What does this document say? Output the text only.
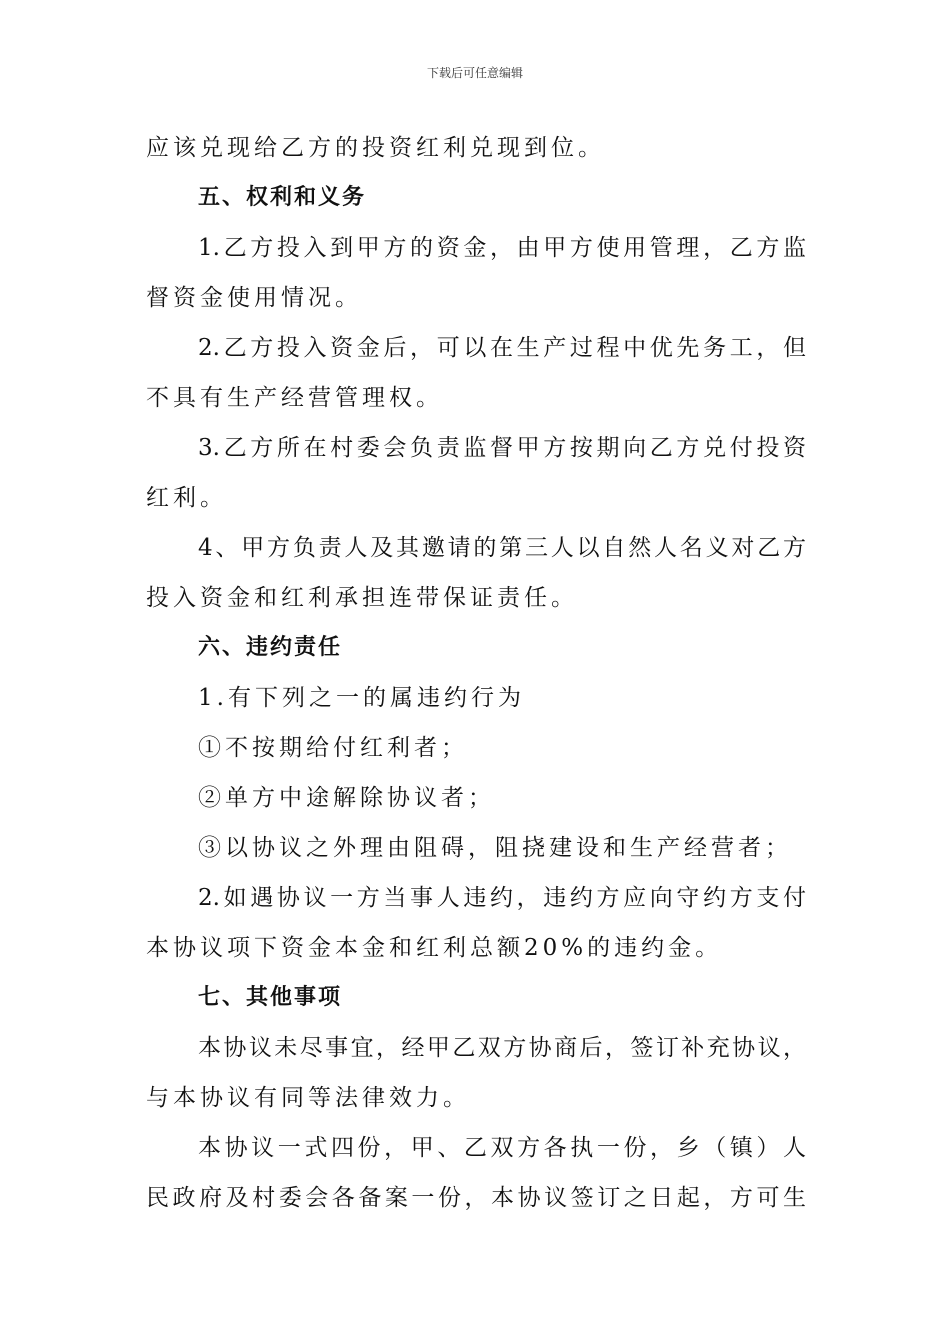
下载后可任意编辑
应该兑现给乙方的投资红利兑现到位。
五、权利和义务
1.乙方投入到甲方的资金，由甲方使用管理，乙方监
督资金使用情况。
2.乙方投入资金后，可以在生产过程中优先务工，但
不具有生产经营管理权。
3.乙方所在村委会负责监督甲方按期向乙方兑付投资
红利。
4、甲方负责人及其邀请的第三人以自然人名义对乙方
投入资金和红利承担连带保证责任。
六、违约责任
1.有下列之一的属违约行为
①不按期给付红利者；
②单方中途解除协议者；
③以协议之外理由阻碍，阻挠建设和生产经营者；
2.如遇协议一方当事人违约，违约方应向守约方支付
本协议项下资金本金和红利总额20%的违约金。
七、其他事项
本协议未尽事宜，经甲乙双方协商后，签订补充协议，
与本协议有同等法律效力。
本协议一式四份，甲、乙双方各执一份，乡（镇）人
民政府及村委会各备案一份，本协议签订之日起，方可生
